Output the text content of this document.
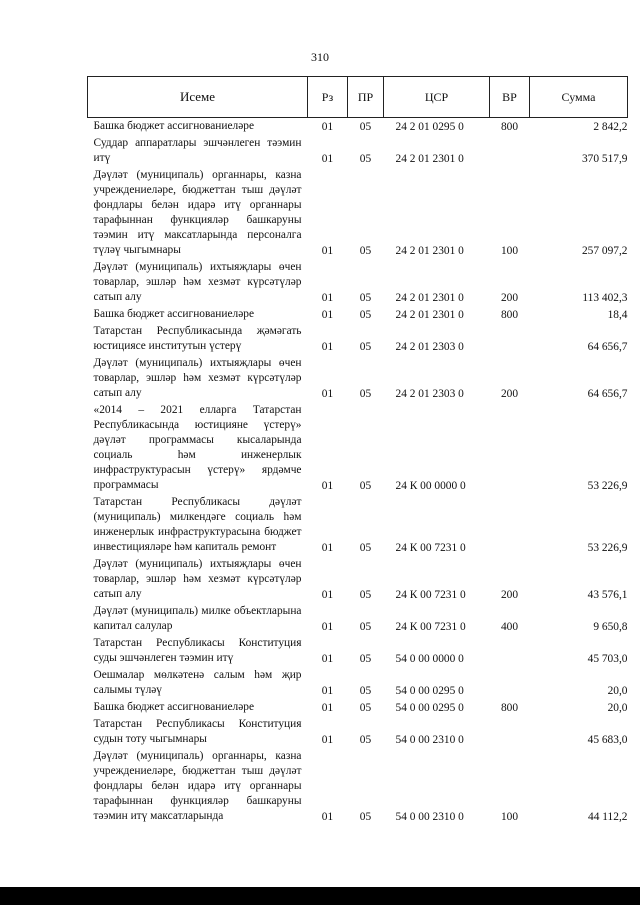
310
Исеме	Рз	ПР	ЦСР	ВР	Сумма
Башка бюджет ассигнованиеләре	01	05	24 2 01 0295 0	800	2 842,2
Суддар аппаратлары эшчәнлеген тәэмин итү	01	05	24 2 01 2301 0		370 517,9
Дәүләт (муниципаль) органнары, казна учреждениеләре, бюджеттан тыш дәүләт фондлары белән идарә итү органнары тарафыннан функцияләр башкаруны тәэмин итү максатларында персоналга түләү чыгымнары	01	05	24 2 01 2301 0	100	257 097,2
Дәүләт (муниципаль) ихтыяҗлары өчен товарлар, эшләр һәм хезмәт күрсәтүләр сатып алу	01	05	24 2 01 2301 0	200	113 402,3
Башка бюджет ассигнованиеләре	01	05	24 2 01 2301 0	800	18,4
Татарстан Республикасында җәмәгать юстициясе институтын үстерү	01	05	24 2 01 2303 0		64 656,7
Дәүләт (муниципаль) ихтыяҗлары өчен товарлар, эшләр һәм хезмәт күрсәтүләр сатып алу	01	05	24 2 01 2303 0	200	64 656,7
«2014 – 2021 елларга Татарстан Республикасында юстицияне үстерү» дәүләт программасы кысаларында социаль һәм инженерлык инфраструктурасын үстерү» ярдәмче программасы	01	05	24 К 00 0000 0		53 226,9
Татарстан Республикасы дәүләт (муниципаль) милкендәге социаль һәм инженерлык инфраструктурасына бюджет инвестицияләре һәм капиталь ремонт	01	05	24 К 00 7231 0		53 226,9
Дәүләт (муниципаль) ихтыяҗлары өчен товарлар, эшләр һәм хезмәт күрсәтүләр сатып алу	01	05	24 К 00 7231 0	200	43 576,1
Дәүләт (муниципаль) милке объектларына капитал салулар	01	05	24 К 00 7231 0	400	9 650,8
Татарстан Республикасы Конституция суды эшчәнлеген тәэмин итү	01	05	54 0 00 0000 0		45 703,0
Оешмалар мөлкәтенә салым һәм җир салымы түләү	01	05	54 0 00 0295 0		20,0
Башка бюджет ассигнованиеләре	01	05	54 0 00 0295 0	800	20,0
Татарстан Республикасы Конституция судын тоту чыгымнары	01	05	54 0 00 2310 0		45 683,0
Дәүләт (муниципаль) органнары, казна учреждениеләре, бюджеттан тыш дәүләт фондлары белән идарә итү органнары тарафыннан функцияләр башкаруны тәэмин итү максатларында	01	05	54 0 00 2310 0	100	44 112,2
